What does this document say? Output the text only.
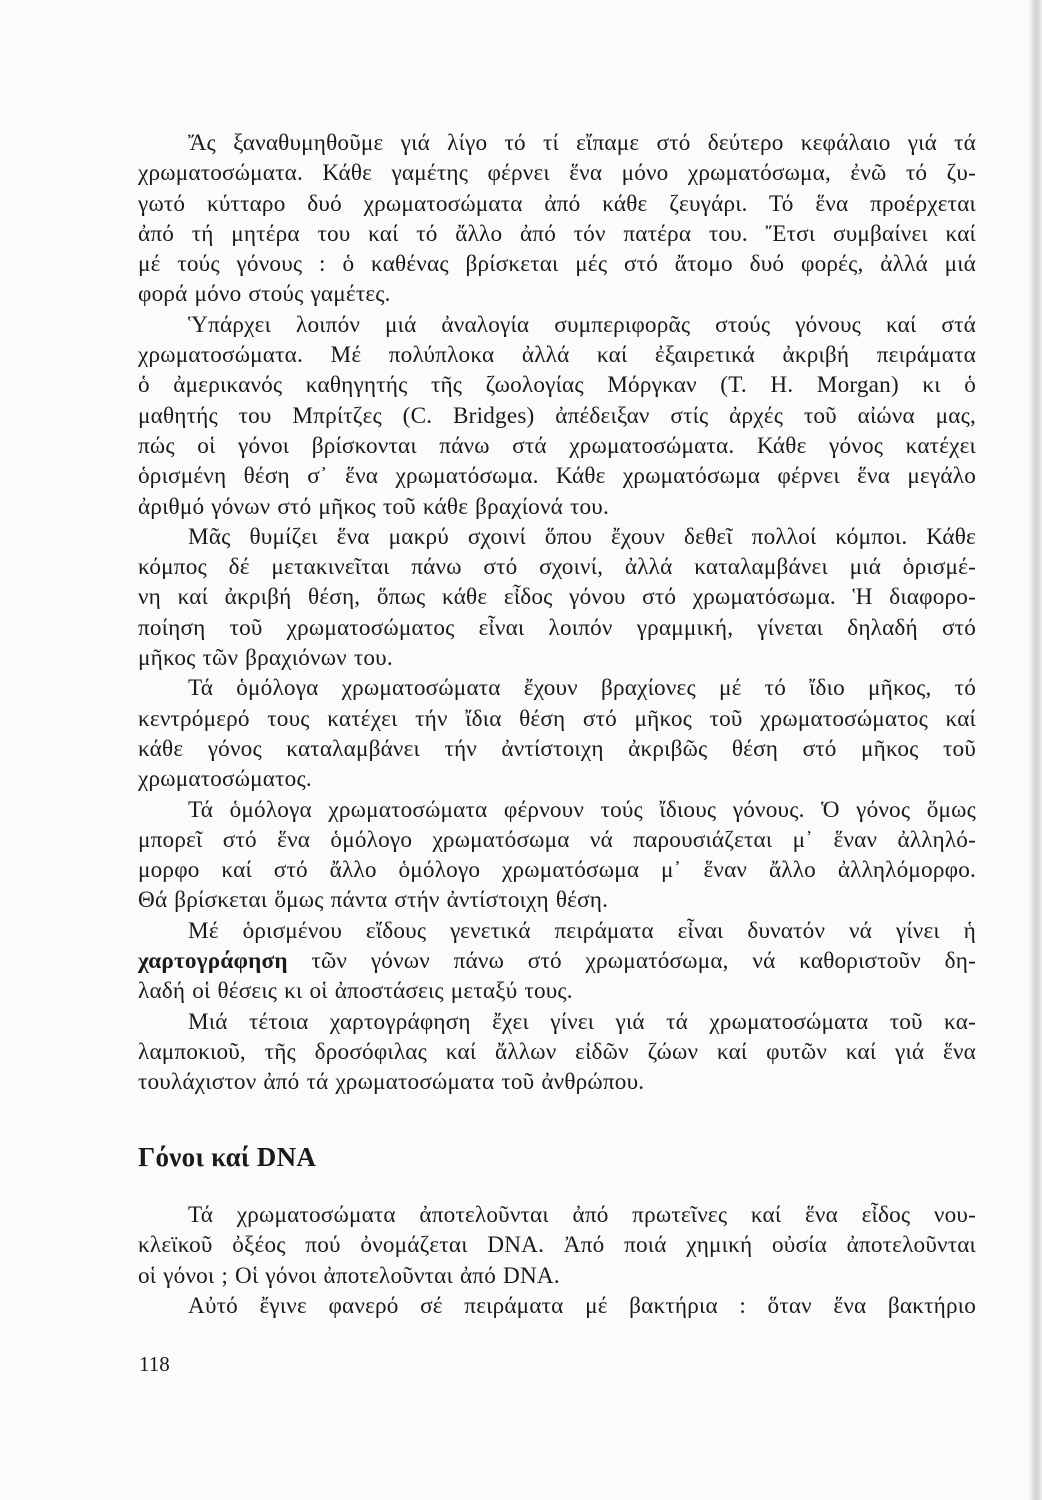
Ἄς ξαναθυμηθοῦμε γιά λίγο τό τί εἴπαμε στό δεύτερο κεφάλαιο γιά τά
χρωματοσώματα. Κάθε γαμέτης φέρνει ἕνα μόνο χρωματόσωμα, ἐνῶ τό ζυ-
γωτό κύτταρο δυό χρωματοσώματα ἀπό κάθε ζευγάρι. Τό ἕνα προέρχεται
ἀπό τή μητέρα του καί τό ἄλλο ἀπό τόν πατέρα του. Ἔτσι συμβαίνει καί
μέ τούς γόνους : ὁ καθένας βρίσκεται μές στό ἄτομο δυό φορές, ἀλλά μιά
φορά μόνο στούς γαμέτες.

Ὑπάρχει λοιπόν μιά ἀναλογία συμπεριφορᾶς στούς γόνους καί στά
χρωματοσώματα. Μέ πολύπλοκα ἀλλά καί ἐξαιρετικά ἀκριβή πειράματα
ὁ ἀμερικανός καθηγητής τῆς ζωολογίας Μόργκαν (T. H. Morgan) κι ὁ
μαθητής του Μπρίτζες (C. Bridges) ἀπέδειξαν στίς ἀρχές τοῦ αἰώνα μας,
πώς οἱ γόνοι βρίσκονται πάνω στά χρωματοσώματα. Κάθε γόνος κατέχει
ὁρισμένη θέση σ᾽ ἕνα χρωματόσωμα. Κάθε χρωματόσωμα φέρνει ἕνα μεγάλο
ἀριθμό γόνων στό μῆκος τοῦ κάθε βραχίονά του.

Μᾶς θυμίζει ἕνα μακρύ σχοινί ὅπου ἔχουν δεθεῖ πολλοί κόμποι. Κάθε
κόμπος δέ μετακινεῖται πάνω στό σχοινί, ἀλλά καταλαμβάνει μιά ὁρισμέ-
νη καί ἀκριβή θέση, ὅπως κάθε εἶδος γόνου στό χρωματόσωμα. Ἡ διαφορο-
ποίηση τοῦ χρωματοσώματος εἶναι λοιπόν γραμμική, γίνεται δηλαδή στό
μῆκος τῶν βραχιόνων του.

Τά ὁμόλογα χρωματοσώματα ἔχουν βραχίονες μέ τό ἴδιο μῆκος, τό
κεντρόμερό τους κατέχει τήν ἴδια θέση στό μῆκος τοῦ χρωματοσώματος καί
κάθε γόνος καταλαμβάνει τήν ἀντίστοιχη ἀκριβῶς θέση στό μῆκος τοῦ
χρωματοσώματος.

Τά ὁμόλογα χρωματοσώματα φέρνουν τούς ἴδιους γόνους. Ὁ γόνος ὅμως
μπορεῖ στό ἕνα ὁμόλογο χρωματόσωμα νά παρουσιάζεται μ᾽ ἕναν ἀλληλό-
μορφο καί στό ἄλλο ὁμόλογο χρωματόσωμα μ᾽ ἕναν ἄλλο ἀλληλόμορφο.
Θά βρίσκεται ὅμως πάντα στήν ἀντίστοιχη θέση.

Μέ ὁρισμένου εἴδους γενετικά πειράματα εἶναι δυνατόν νά γίνει ἡ
χαρτογράφηση τῶν γόνων πάνω στό χρωματόσωμα, νά καθοριστοῦν δη-
λαδή οἱ θέσεις κι οἱ ἀποστάσεις μεταξύ τους.

Μιά τέτοια χαρτογράφηση ἔχει γίνει γιά τά χρωματοσώματα τοῦ κα-
λαμποκιοῦ, τῆς δροσόφιλας καί ἄλλων εἰδῶν ζώων καί φυτῶν καί γιά ἕνα
τουλάχιστον ἀπό τά χρωματοσώματα τοῦ ἀνθρώπου.

Γόνοι καί DNA

Τά χρωματοσώματα ἀποτελοῦνται ἀπό πρωτεῖνες καί ἕνα εἶδος νου-
κλεϊκοῦ ὀξέος πού ὀνομάζεται DNA. Ἀπό ποιά χημική οὐσία ἀποτελοῦνται
οἱ γόνοι ; Οἱ γόνοι ἀποτελοῦνται ἀπό DNA.

Αὐτό ἔγινε φανερό σέ πειράματα μέ βακτήρια : ὅταν ἕνα βακτήριο

118
